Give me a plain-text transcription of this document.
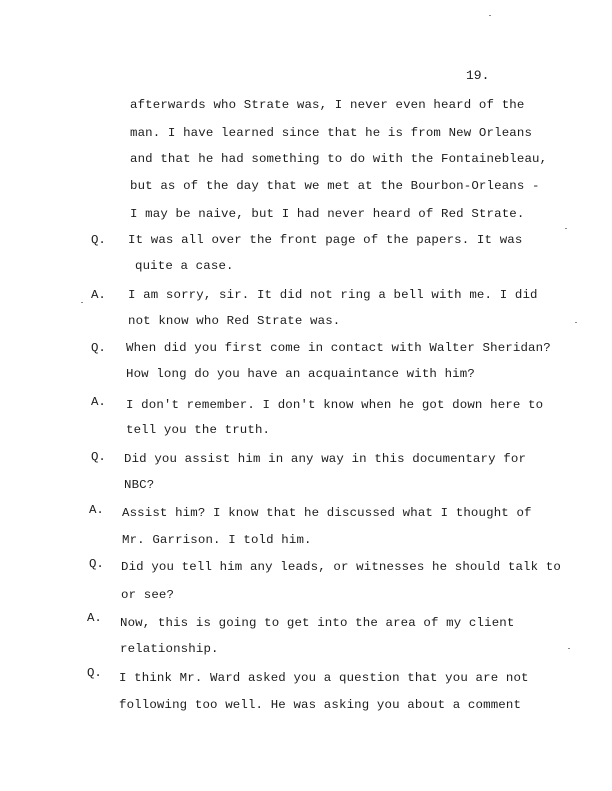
19.
afterwards who Strate was, I never even heard of the
man. I have learned since that he is from New Orleans
and that he had something to do with the Fontainebleau,
but as of the day that we met at the Bourbon-Orleans -
I may be naive, but I had never heard of Red Strate.
Q. It was all over the front page of the papers. It was
quite a case.
A. I am sorry, sir. It did not ring a bell with me. I did
not know who Red Strate was.
Q. When did you first come in contact with Walter Sheridan?
How long do you have an acquaintance with him?
A. I don't remember. I don't know when he got down here to
tell you the truth.
Q. Did you assist him in any way in this documentary for
NBC?
A. Assist him? I know that he discussed what I thought of
Mr. Garrison. I told him.
Q. Did you tell him any leads, or witnesses he should talk to
or see?
A. Now, this is going to get into the area of my client
relationship.
Q. I think Mr. Ward asked you a question that you are not
following too well. He was asking you about a comment
